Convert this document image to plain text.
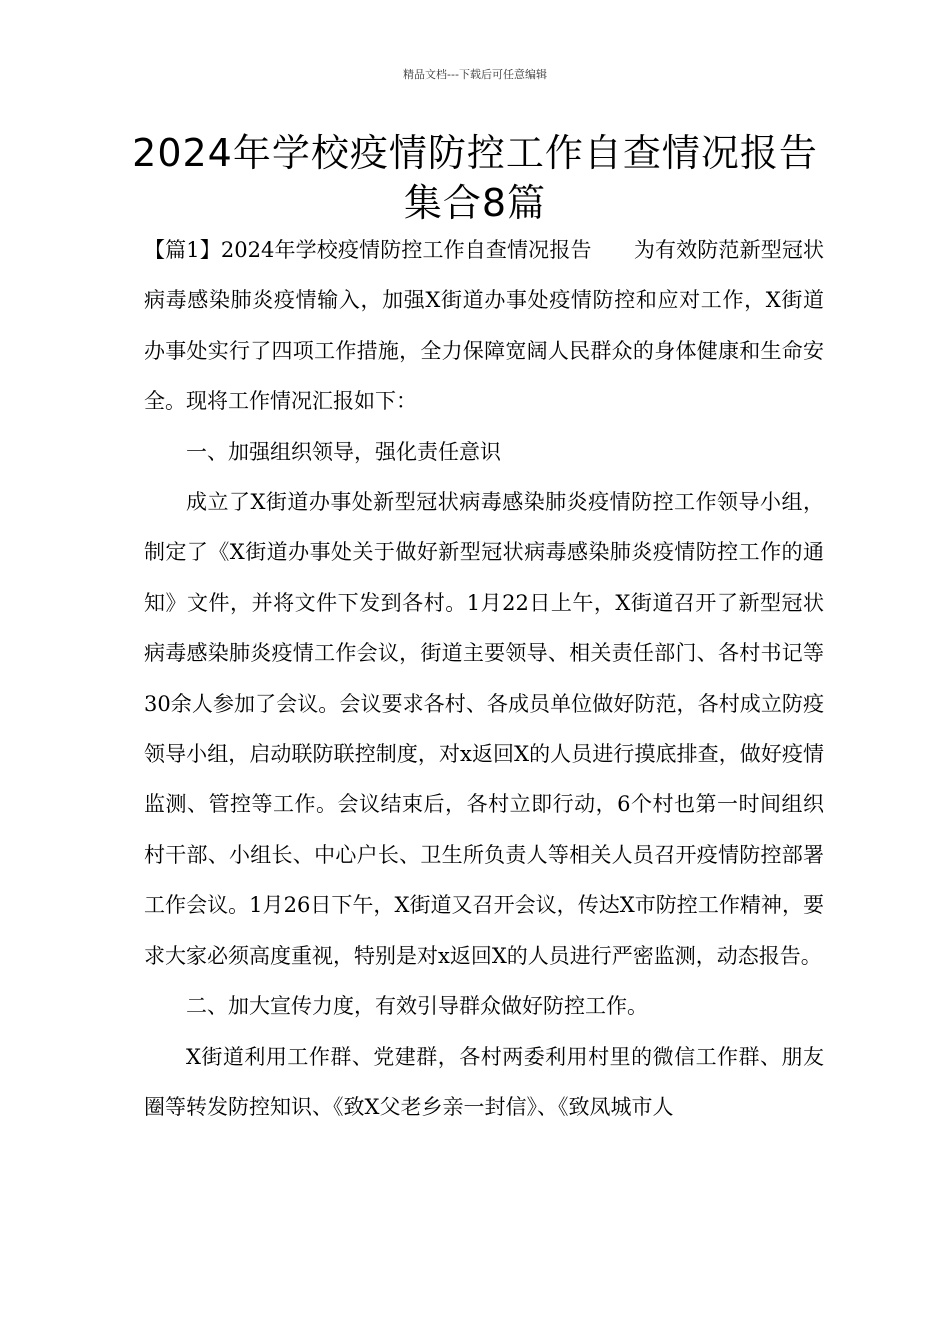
精品文档---下载后可任意编辑
2024年学校疫情防控工作自查情况报告
集合8篇

【篇1】2024年学校疫情防控工作自查情况报告　　为有效防范新型冠状病毒感染肺炎疫情输入，加强X街道办事处疫情防控和应对工作，X街道办事处实行了四项工作措施，全力保障宽阔人民群众的身体健康和生命安全。现将工作情况汇报如下：

一、加强组织领导，强化责任意识

成立了X街道办事处新型冠状病毒感染肺炎疫情防控工作领导小组，制定了《X街道办事处关于做好新型冠状病毒感染肺炎疫情防控工作的通知》文件，并将文件下发到各村。1月22日上午，X街道召开了新型冠状病毒感染肺炎疫情工作会议，街道主要领导、相关责任部门、各村书记等30余人参加了会议。会议要求各村、各成员单位做好防范，各村成立防疫领导小组，启动联防联控制度，对x返回X的人员进行摸底排查，做好疫情监测、管控等工作。会议结束后，各村立即行动，6个村也第一时间组织村干部、小组长、中心户长、卫生所负责人等相关人员召开疫情防控部署工作会议。1月26日下午，X街道又召开会议，传达X市防控工作精神，要求大家必须高度重视，特别是对x返回X的人员进行严密监测，动态报告。

二、加大宣传力度，有效引导群众做好防控工作。

X街道利用工作群、党建群，各村两委利用村里的微信工作群、朋友圈等转发防控知识、《致X父老乡亲一封信》、《致凤城市人
